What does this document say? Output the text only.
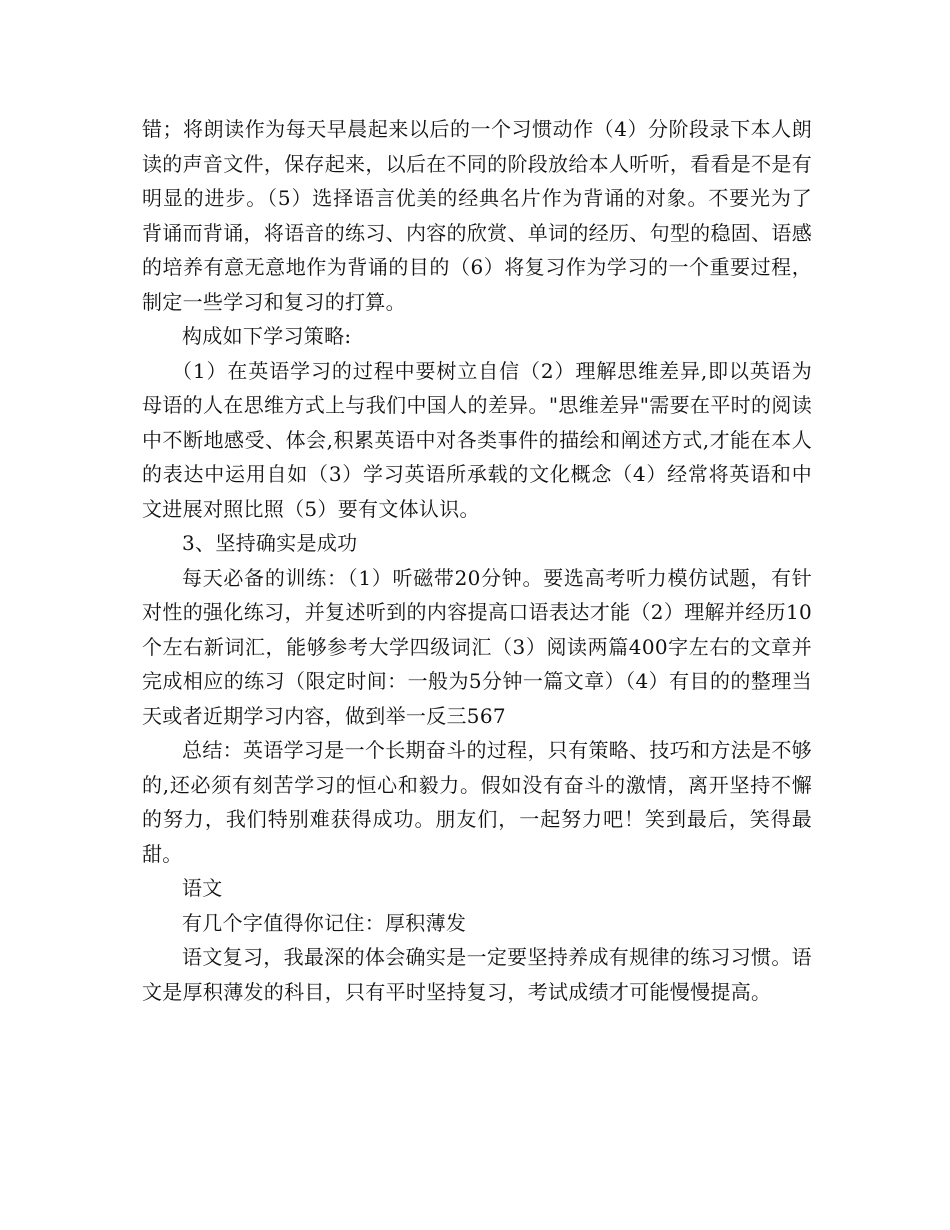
错；将朗读作为每天早晨起来以后的一个习惯动作（4）分阶段录下本人朗读的声音文件，保存起来，以后在不同的阶段放给本人听听，看看是不是有明显的进步。（5）选择语言优美的经典名片作为背诵的对象。不要光为了背诵而背诵，将语音的练习、内容的欣赏、单词的经历、句型的稳固、语感的培养有意无意地作为背诵的目的（6）将复习作为学习的一个重要过程，制定一些学习和复习的打算。

构成如下学习策略:

（1）在英语学习的过程中要树立自信（2）理解思维差异,即以英语为母语的人在思维方式上与我们中国人的差异。"思维差异"需要在平时的阅读中不断地感受、体会,积累英语中对各类事件的描绘和阐述方式,才能在本人的表达中运用自如（3）学习英语所承载的文化概念（4）经常将英语和中文进展对照比照（5）要有文体认识。

3、坚持确实是成功

每天必备的训练：（1）听磁带20分钟。要选高考听力模仿试题，有针对性的强化练习，并复述听到的内容提高口语表达才能（2）理解并经历10个左右新词汇，能够参考大学四级词汇（3）阅读两篇400字左右的文章并完成相应的练习（限定时间：一般为5分钟一篇文章）（4）有目的的整理当天或者近期学习内容，做到举一反三567

总结：英语学习是一个长期奋斗的过程，只有策略、技巧和方法是不够的,还必须有刻苦学习的恒心和毅力。假如没有奋斗的激情，离开坚持不懈的努力，我们特别难获得成功。朋友们，一起努力吧！笑到最后，笑得最甜。

语文

有几个字值得你记住：厚积薄发

语文复习，我最深的体会确实是一定要坚持养成有规律的练习习惯。语文是厚积薄发的科目，只有平时坚持复习，考试成绩才可能慢慢提高。
